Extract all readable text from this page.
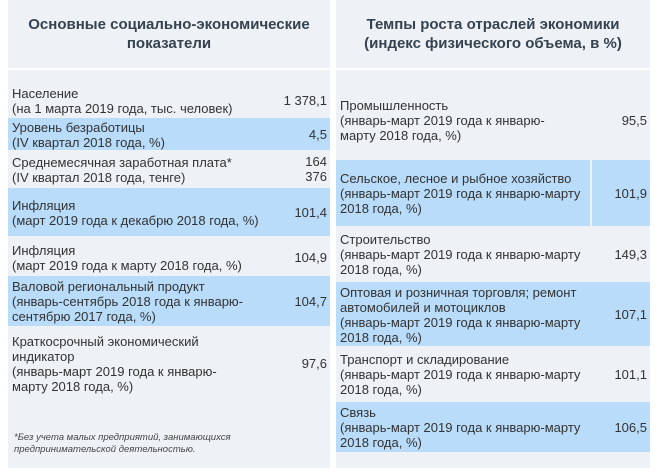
Основные социально-экономические
показатели
Население
(на 1 марта 2019 года, тыс. человек)
1 378,1
Уровень безработицы
(IV квартал 2018 года, %)
4,5
Среднемесячная заработная плата*
(IV квартал 2018 года, тенге)
164
376
Инфляция
(март 2019 года к декабрю 2018 года, %)
101,4
Инфляция
(март 2019 года к марту 2018 года, %)
104,9
Валовой региональный продукт
(январь-сентябрь 2018 года к январю-сентябрю 2017 года, %)
104,7
Краткосрочный экономический индикатор
(январь-март 2019 года к январю-марту 2018 года, %)
97,6
*Без учета малых предприятий, занимающихся предпринимательской деятельностью.
Темпы роста отраслей экономики
(индекс физического объема, в %)
Промышленность
(январь-март 2019 года к январю-марту 2018 года, %)
95,5
Сельское, лесное и рыбное хозяйство
(январь-март 2019 года к январю-марту 2018 года, %)
101,9
Строительство
(январь-март 2019 года к январю-марту 2018 года, %)
149,3
Оптовая и розничная торговля; ремонт автомобилей и мотоциклов
(январь-март 2019 года к январю-марту 2018 года, %)
107,1
Транспорт и складирование
(январь-март 2019 года к январю-марту 2018 года, %)
101,1
Связь
(январь-март 2019 года к январю-марту 2018 года, %)
106,5
